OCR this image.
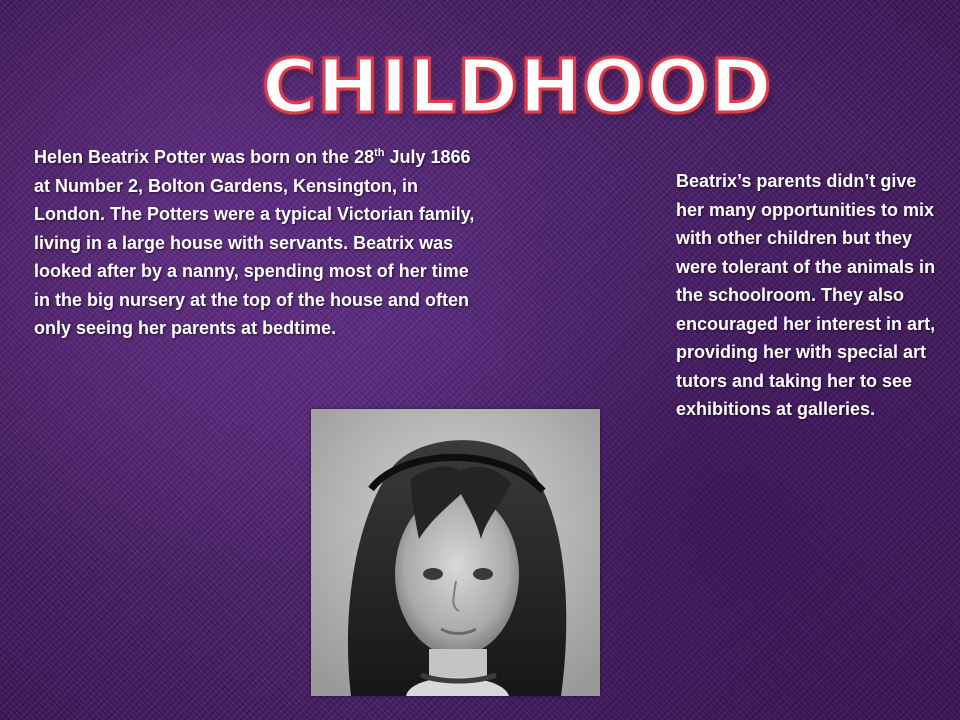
CHILDHOOD

Helen Beatrix Potter was born on the 28th July 1866 at Number 2, Bolton Gardens, Kensington, in London. The Potters were a typical Victorian family, living in a large house with servants. Beatrix was looked after by a nanny, spending most of her time in the big nursery at the top of the house and often only seeing her parents at bedtime.

Beatrix’s parents didn’t give her many opportunities to mix with other children but they were tolerant of the animals in the schoolroom. They also encouraged her interest in art, providing her with special art tutors and taking her to see exhibitions at galleries.
